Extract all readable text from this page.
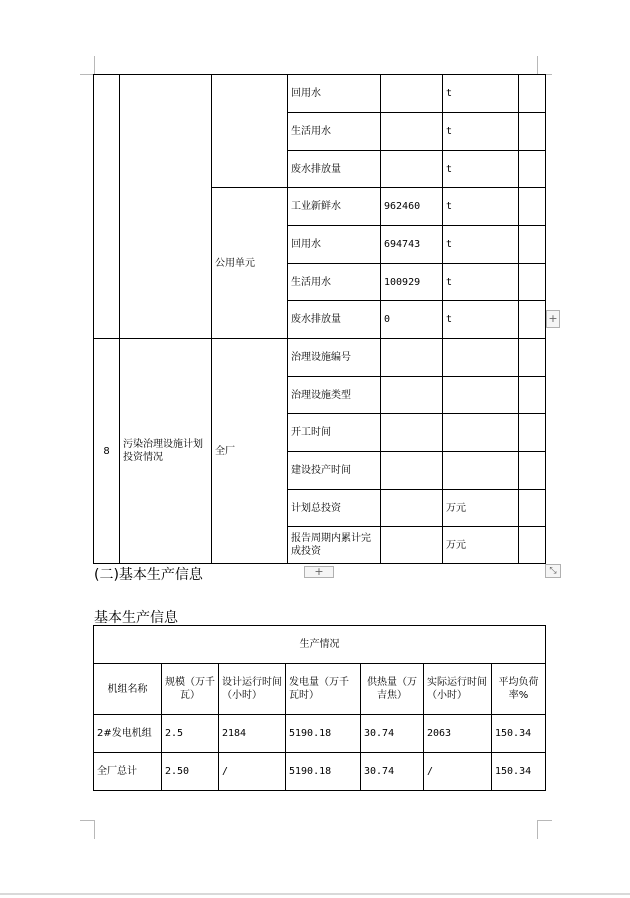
			回用水		t	
			生活用水		t	
			废水排放量		t	
		公用单元	工业新鲜水	962460	t	
			回用水	694743	t	
			生活用水	100929	t	
			废水排放量	0	t	
8	污染治理设施计划投资情况	全厂	治理设施编号			
			治理设施类型			
			开工时间			
			建设投产时间			
			计划总投资		万元	
			报告周期内累计完成投资		万元	
+
(二)基本生产信息	+	⤡
基本生产信息
生产情况						
机组名称	规模（万千瓦）	设计运行时间（小时）	发电量（万千瓦时）	供热量（万吉焦）	实际运行时间（小时）	平均负荷率%
2#发电机组	2.5	2184	5190.18	30.74	2063	150.34
全厂总计	2.50	/	5190.18	30.74	/	150.34
